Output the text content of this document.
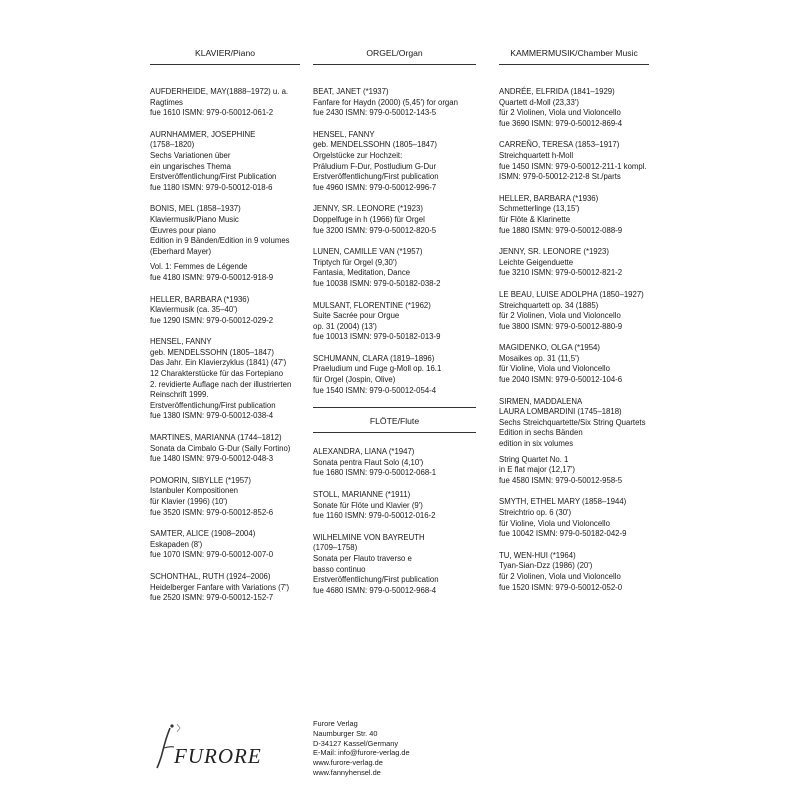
KLAVIER/Piano
AUFDERHEIDE, MAY(1888–1972) u. a.
Ragtimes
fue 1610 ISMN: 979-0-50012-061-2
AURNHAMMER, JOSEPHINE
(1758–1820)
Sechs Variationen über
ein ungarisches Thema
Erstveröffentlichung/First Publication
fue 1180 ISMN: 979-0-50012-018-6
BONIS, MEL (1858–1937)
Klaviermusik/Piano Music
Œuvres pour piano
Edition in 9 Bänden/Edition in 9 volumes
(Eberhard Mayer)
Vol. 1: Femmes de Légende
fue 4180 ISMN: 979-0-50012-918-9
HELLER, BARBARA (*1936)
Klaviermusik (ca. 35–40')
fue 1290 ISMN: 979-0-50012-029-2
HENSEL, FANNY
geb. MENDELSSOHN (1805–1847)
Das Jahr. Ein Klavierzyklus (1841) (47')
12 Charakterstücke für das Fortepiano
2. revidierte Auflage nach der illustrierten
Reinschrift 1999.
Erstveröffentlichung/First publication
fue 1380 ISMN: 979-0-50012-038-4
MARTINES, MARIANNA (1744–1812)
Sonata da Cimbalo G-Dur (Sally Fortino)
fue 1480 ISMN: 979-0-50012-048-3
POMORIN, SIBYLLE (*1957)
Istanbuler Kompositionen
für Klavier (1996) (10')
fue 3520 ISMN: 979-0-50012-852-6
SAMTER, ALICE (1908–2004)
Eskapaden (8')
fue 1070 ISMN: 979-0-50012-007-0
SCHONTHAL, RUTH (1924–2006)
Heidelberger Fanfare with Variations (7')
fue 2520 ISMN: 979-0-50012-152-7
ORGEL/Organ
BEAT, JANET (*1937)
Fanfare for Haydn (2000) (5,45') for organ
fue 2430 ISMN: 979-0-50012-143-5
HENSEL, FANNY
geb. MENDELSSOHN (1805–1847)
Orgelstücke zur Hochzeit:
Präludium F-Dur, Postludium G-Dur
Erstveröffentlichung/First publication
fue 4960 ISMN: 979-0-50012-996-7
JENNY, SR. LEONORE (*1923)
Doppelfuge in h (1966) für Orgel
fue 3200 ISMN: 979-0-50012-820-5
LUNEN, CAMILLE VAN (*1957)
Triptych für Orgel (9,30')
Fantasia, Meditation, Dance
fue 10038 ISMN: 979-0-50182-038-2
MULSANT, FLORENTINE (*1962)
Suite Sacrée pour Orgue
op. 31 (2004) (13')
fue 10013 ISMN: 979-0-50182-013-9
SCHUMANN, CLARA (1819–1896)
Praeludium und Fuge g-Moll op. 16.1
für Orgel (Jospin, Olive)
fue 1540 ISMN: 979-0-50012-054-4
FLÖTE/Flute
ALEXANDRA, LIANA (*1947)
Sonata pentra Flaut Solo (4,10')
fue 1680 ISMN: 979-0-50012-068-1
STOLL, MARIANNE (*1911)
Sonate für Flöte und Klavier (9')
fue 1160 ISMN: 979-0-50012-016-2
WILHELMINE VON BAYREUTH
(1709–1758)
Sonata per Flauto traverso e
basso continuo
Erstveröffentlichung/First publication
fue 4680 ISMN: 979-0-50012-968-4
KAMMERMUSIK/Chamber Music
ANDRÉE, ELFRIDA (1841–1929)
Quartett d-Moll (23,33')
für 2 Violinen, Viola und Violoncello
fue 3690 ISMN: 979-0-50012-869-4
CARREÑO, TERESA (1853–1917)
Streichquartett h-Moll
fue 1450 ISMN: 979-0-50012-211-1 kompl.
ISMN: 979-0-50012-212-8 St./parts
HELLER, BARBARA (*1936)
Schmetterlinge (13,15')
für Flöte & Klarinette
fue 1880 ISMN: 979-0-50012-088-9
JENNY, SR. LEONORE (*1923)
Leichte Geigenduette
fue 3210 ISMN: 979-0-50012-821-2
LE BEAU, LUISE ADOLPHA (1850–1927)
Streichquartett op. 34 (1885)
für 2 Violinen, Viola und Violoncello
fue 3800 ISMN: 979-0-50012-880-9
MAGIDENKO, OLGA (*1954)
Mosaikes op. 31 (11,5')
für Violine, Viola und Violoncello
fue 2040 ISMN: 979-0-50012-104-6
SIRMEN, MADDALENA
LAURA LOMBARDINI (1745–1818)
Sechs Streichquartette/Six String Quartets
Edition in sechs Bänden
edition in six volumes
String Quartet No. 1
in E flat major (12,17')
fue 4580 ISMN: 979-0-50012-958-5
SMYTH, ETHEL MARY (1858–1944)
Streichtrio op. 6 (30')
für Violine, Viola und Violoncello
fue 10042 ISMN: 979-0-50182-042-9
TU, WEN-HUI (*1964)
Tyan-Sian-Dzz (1986) (20')
für 2 Violinen, Viola und Violoncello
fue 1520 ISMN: 979-0-50012-052-0
FURORE
Furore Verlag
Naumburger Str. 40
D-34127 Kassel/Germany
E-Mail: info@furore-verlag.de
www.furore-verlag.de
www.fannyhensel.de
